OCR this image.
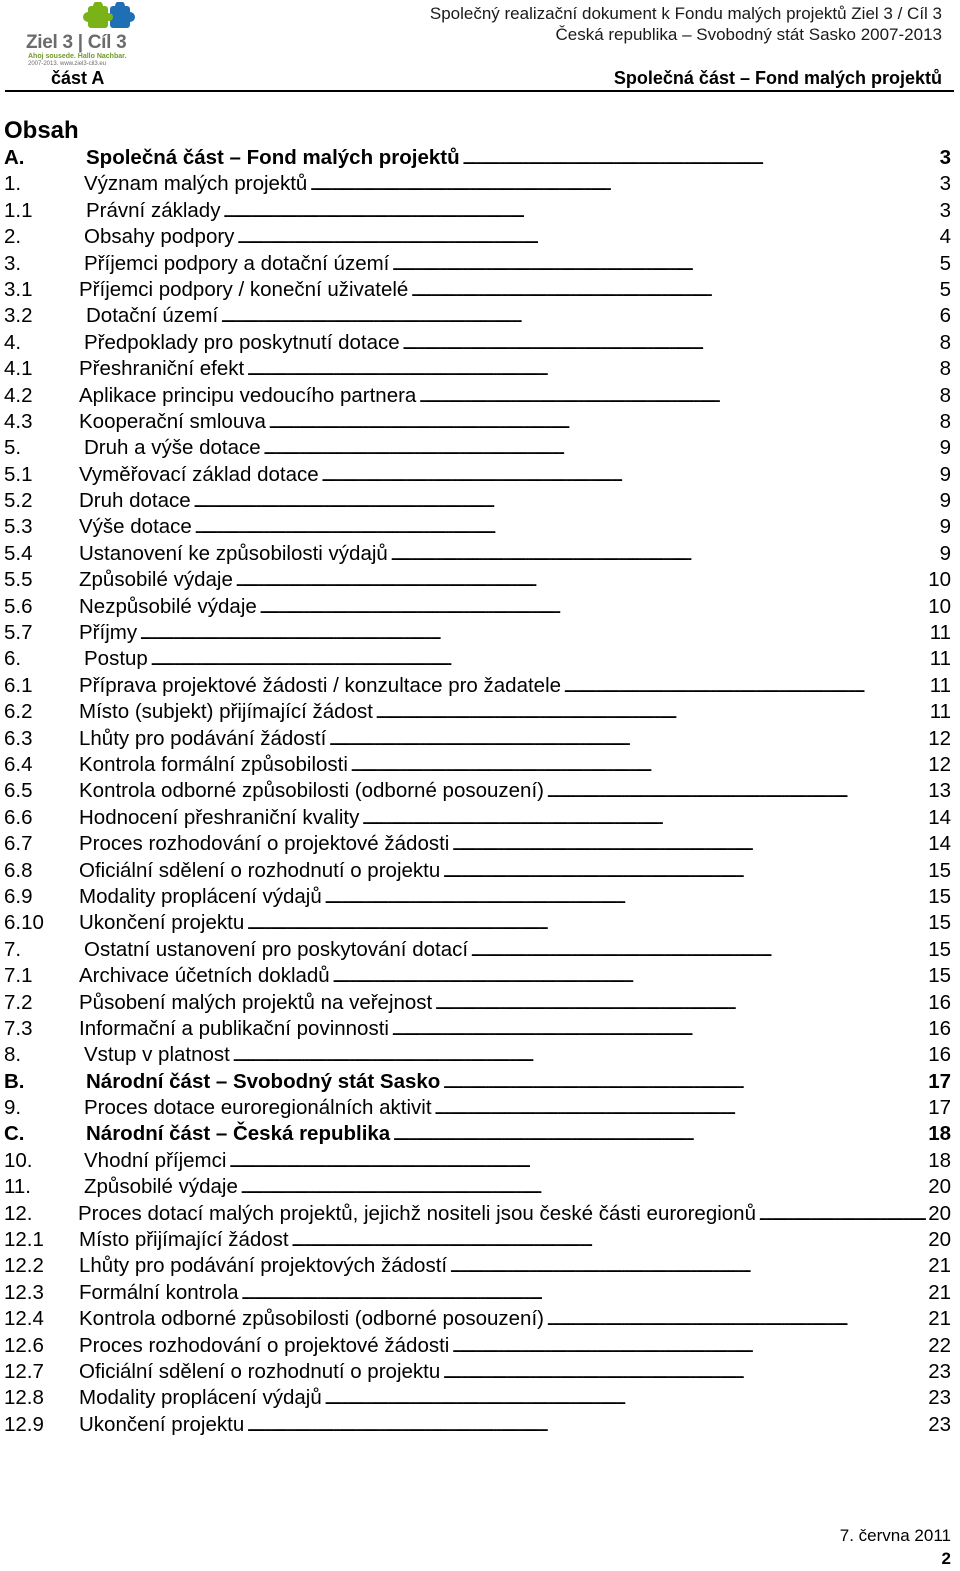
Ziel 3 | Cíl 3
Ahoj sousede. Hallo Nachbar.
2007-2013. www.ziel3-cil3.eu
Společný realizační dokument k Fondu malých projektů Ziel 3 / Cíl 3
Česká republika – Svobodný stát Sasko 2007-2013
část A	Společná část – Fond malých projektů
Obsah
A.	Společná část – Fond malých projektů . . .	3
1.	Význam malých projektů . . .	3
1.1	Právní základy . . .	3
2.	Obsahy podpory . . .	4
3.	Příjemci podpory a dotační území . . .	5
3.1 Příjemci podpory / koneční uživatelé . . .	5
3.2	Dotační území . . .	6
4.	Předpoklady pro poskytnutí dotace . . .	8
4.1 Přeshraniční efekt . . .	8
4.2 Aplikace principu vedoucího partnera . . .	8
4.3 Kooperační smlouva . . .	8
5.	Druh a výše dotace . . .	9
5.1 Vyměřovací základ dotace . . .	9
5.2 Druh dotace . . .	9
5.3 Výše dotace . . .	9
5.4 Ustanovení ke způsobilosti výdajů . . .	9
5.5 Způsobilé výdaje . . .	10
5.6 Nezpůsobilé výdaje . . .	10
5.7 Příjmy . . .	11
6.	Postup . . .	11
6.1 Příprava projektové žádosti / konzultace pro žadatele . . .	11
6.2 Místo (subjekt) přijímající žádost . . .	11
6.3 Lhůty pro podávání žádostí . . .	12
6.4 Kontrola formální způsobilosti . . .	12
6.5 Kontrola odborné způsobilosti (odborné posouzení) . . .	13
6.6 Hodnocení přeshraniční kvality . . .	14
6.7 Proces rozhodování o projektové žádosti . . .	14
6.8 Oficiální sdělení o rozhodnutí o projektu . . .	15
6.9 Modality proplácení výdajů . . .	15
6.10 Ukončení projektu . . .	15
7.	Ostatní ustanovení pro poskytování dotací . . .	15
7.1 Archivace účetních dokladů . . .	15
7.2 Působení malých projektů na veřejnost . . .	16
7.3 Informační a publikační povinnosti . . .	16
8.	Vstup v platnost . . .	16
B.	Národní část – Svobodný stát Sasko . . .	17
9.	Proces dotace euroregionálních aktivit . . .	17
C.	Národní část – Česká republika . . .	18
10.	Vhodní příjemci . . .	18
11.	Způsobilé výdaje . . .	20
12. Proces dotací malých projektů, jejichž nositeli jsou české části euroregionů . . .	20
12.1 Místo přijímající žádost . . .	20
12.2 Lhůty pro podávání projektových žádostí . . .	21
12.3 Formální kontrola . . .	21
12.4 Kontrola odborné způsobilosti (odborné posouzení) . . .	21
12.6 Proces rozhodování o projektové žádosti . . .	22
12.7 Oficiální sdělení o rozhodnutí o projektu . . .	23
12.8 Modality proplácení výdajů . . .	23
12.9 Ukončení projektu . . .	23
7. června 2011
2
